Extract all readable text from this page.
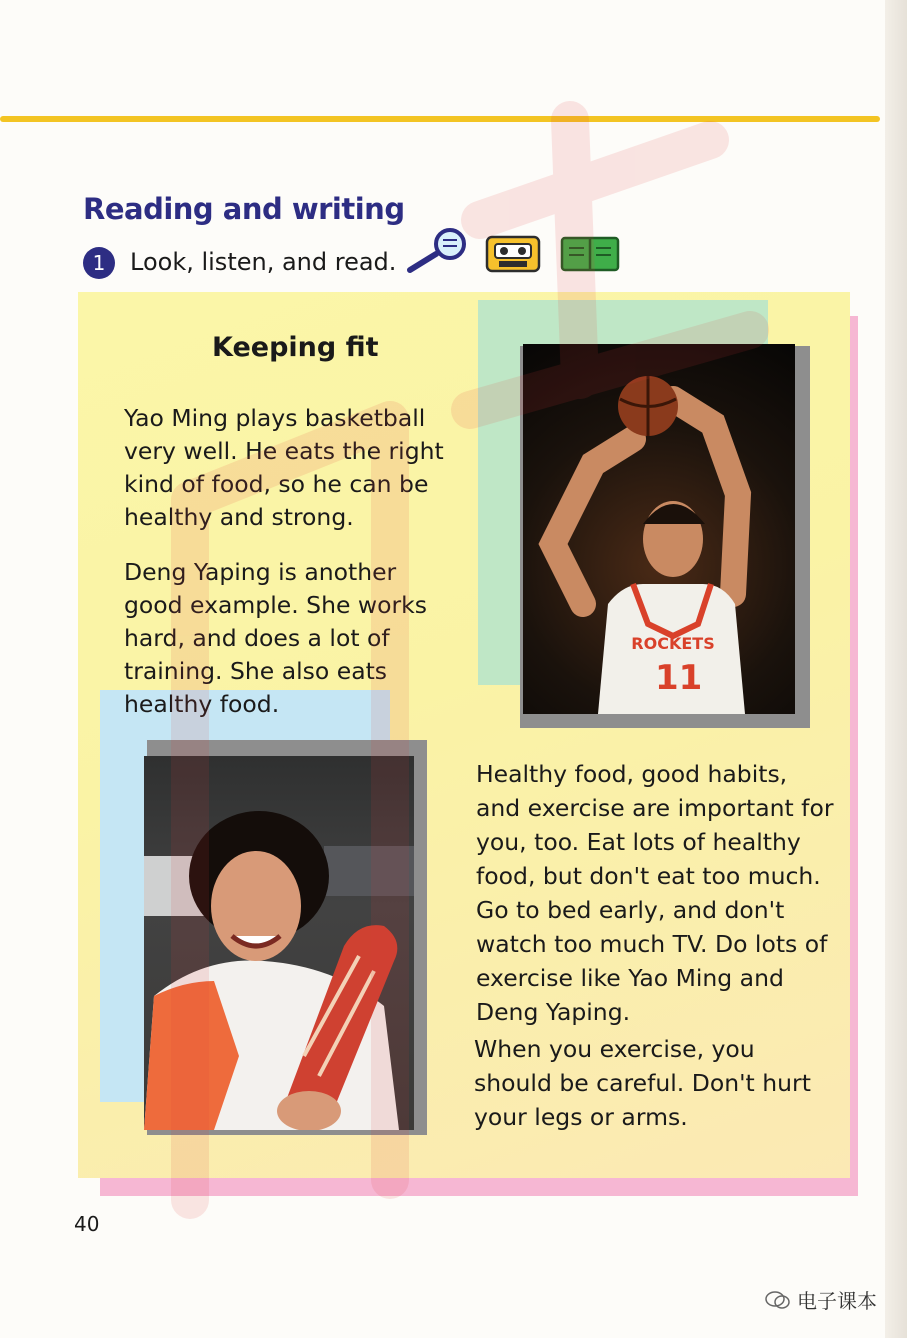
Reading and writing
1	Look, listen, and read.
ROCKETS
11
Keeping fit

Yao Ming plays basketball very well. He eats the right kind of food, so he can be healthy and strong.

Deng Yaping is another good example. She works hard, and does a lot of training. She also eats healthy food.

Healthy food, good habits, and exercise are important for you, too. Eat lots of healthy food, but don't eat too much. Go to bed early, and don't watch too much TV. Do lots of exercise like Yao Ming and Deng Yaping.

When you exercise, you should be careful. Don't hurt your legs or arms.

40
电子课本
